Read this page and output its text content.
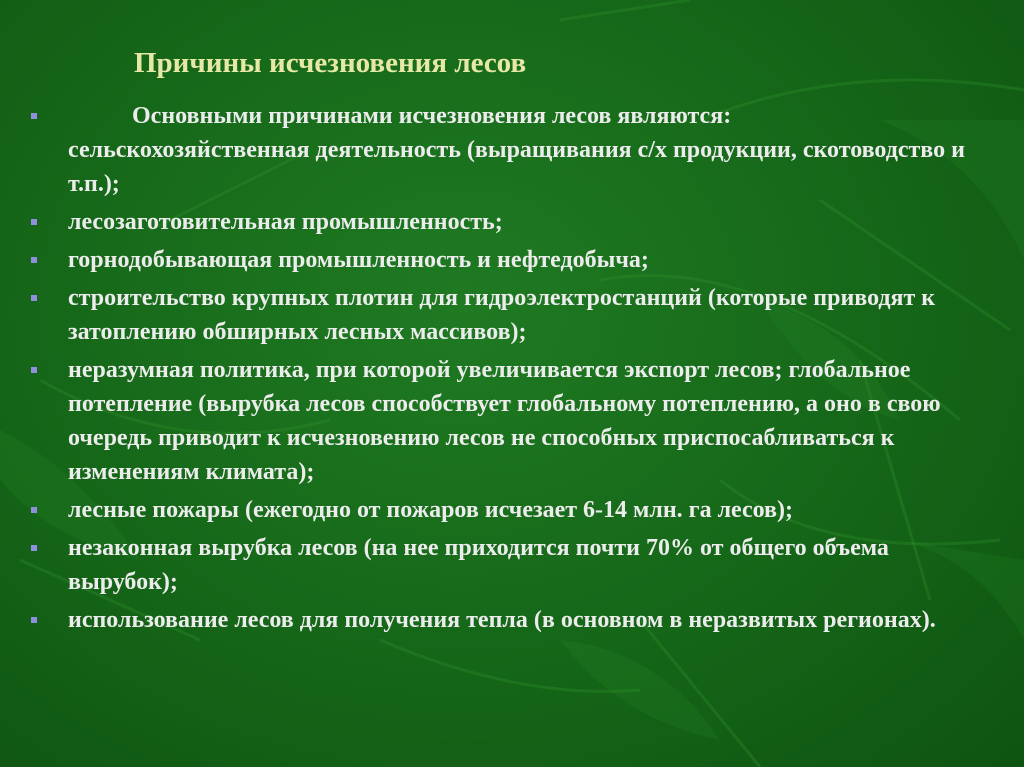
Причины исчезновения лесов
Основными причинами исчезновения лесов являются: сельскохозяйственная деятельность (выращивания с/х продукции, скотоводство и т.п.);
лесозаготовительная промышленность;
горнодобывающая промышленность и нефтедобыча;
строительство крупных плотин для гидроэлектростанций (которые приводят к затоплению обширных лесных массивов);
неразумная политика, при которой увеличивается экспорт лесов; глобальное потепление (вырубка лесов способствует глобальному потеплению, а оно в свою очередь приводит к исчезновению лесов не способных приспосабливаться к изменениям климата);
лесные пожары (ежегодно от пожаров исчезает 6-14 млн. га лесов);
незаконная вырубка лесов (на нее приходится почти 70% от общего объема вырубок);
использование лесов для получения тепла (в основном в неразвитых регионах).
